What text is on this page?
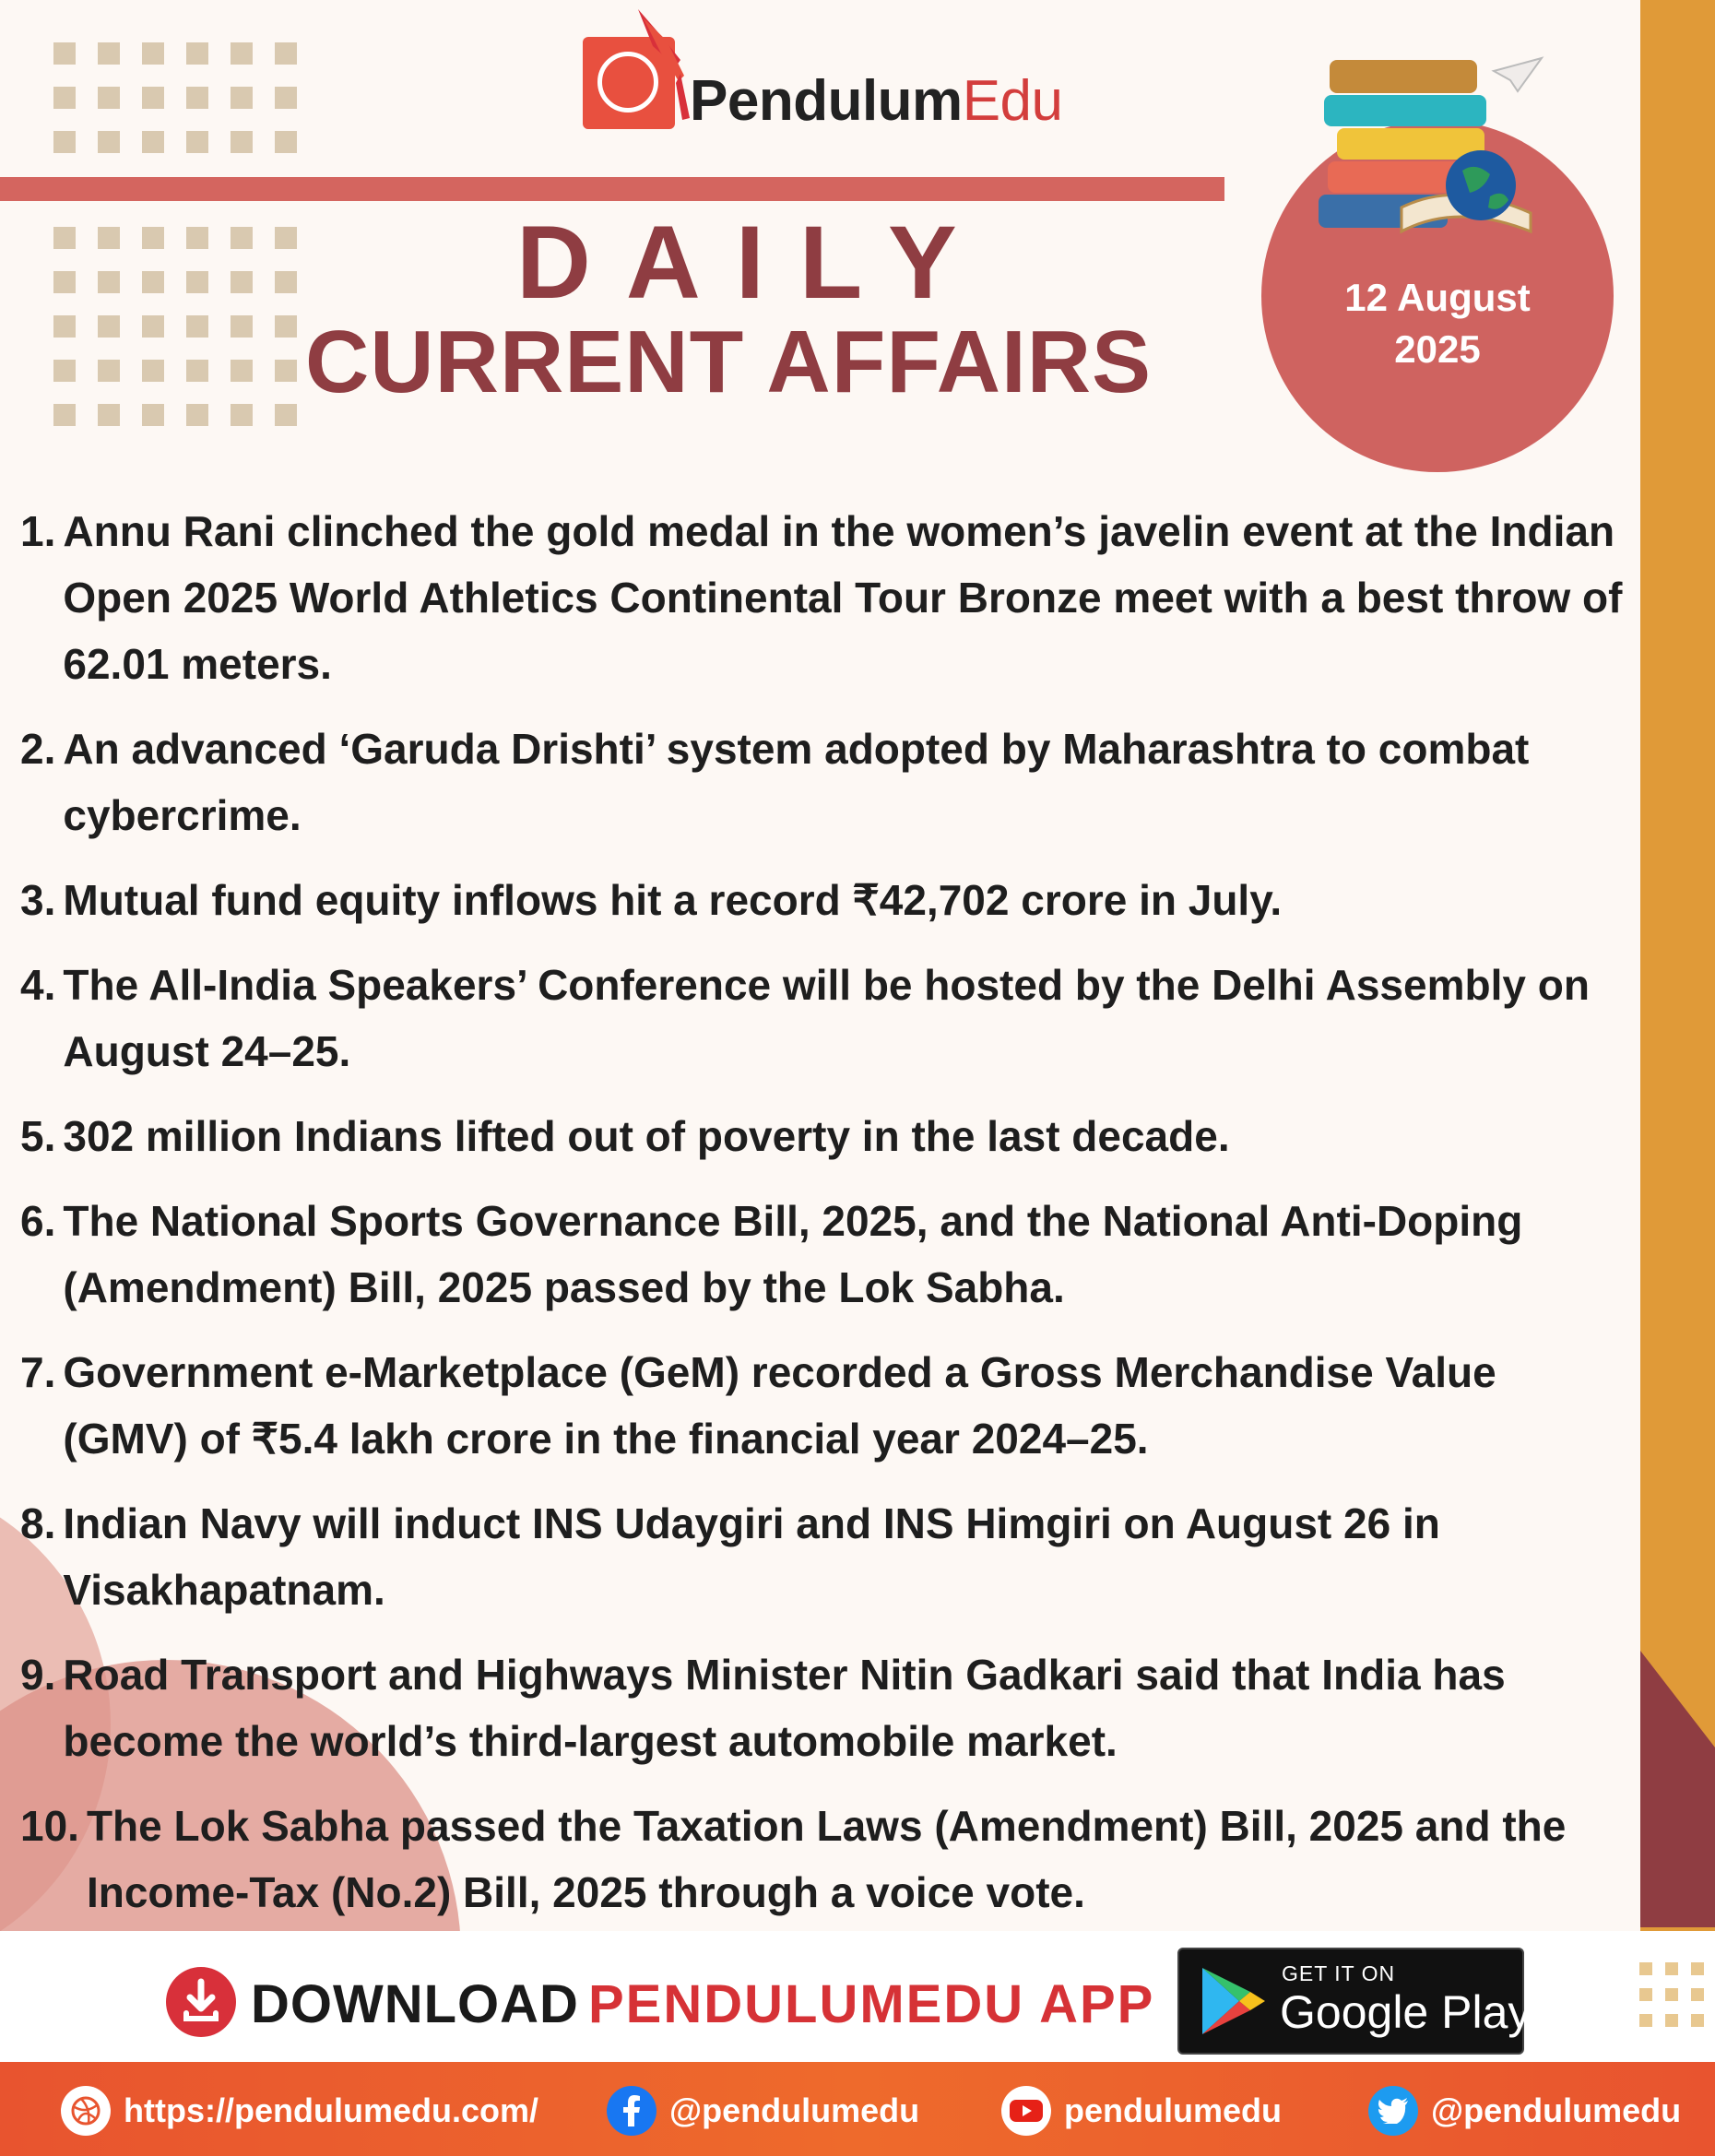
PendulumEdu
DAILY
CURRENT AFFAIRS
12 August
2025
1. Annu Rani clinched the gold medal in the women’s javelin event at the Indian Open 2025 World Athletics Continental Tour Bronze meet with a best throw of 62.01 meters.
2. An advanced ‘Garuda Drishti’ system adopted by Maharashtra to combat cybercrime.
3. Mutual fund equity inflows hit a record ₹42,702 crore in July.
4. The All-India Speakers’ Conference will be hosted by the Delhi Assembly on August 24–25.
5. 302 million Indians lifted out of poverty in the last decade.
6. The National Sports Governance Bill, 2025, and the National Anti-Doping (Amendment) Bill, 2025 passed by the Lok Sabha.
7. Government e-Marketplace (GeM) recorded a Gross Merchandise Value (GMV) of ₹5.4 lakh crore in the financial year 2024–25.
8. Indian Navy will induct INS Udaygiri and INS Himgiri on August 26 in Visakhapatnam.
9. Road Transport and Highways Minister Nitin Gadkari said that India has become the world’s third-largest automobile market.
10. The Lok Sabha passed the Taxation Laws (Amendment) Bill, 2025 and the Income-Tax (No.2) Bill, 2025 through a voice vote.
DOWNLOAD PENDULUMEDU APP
GET IT ON
Google Play
https://pendulumedu.com/	@pendulumedu	pendulumedu	@pendulumedu
